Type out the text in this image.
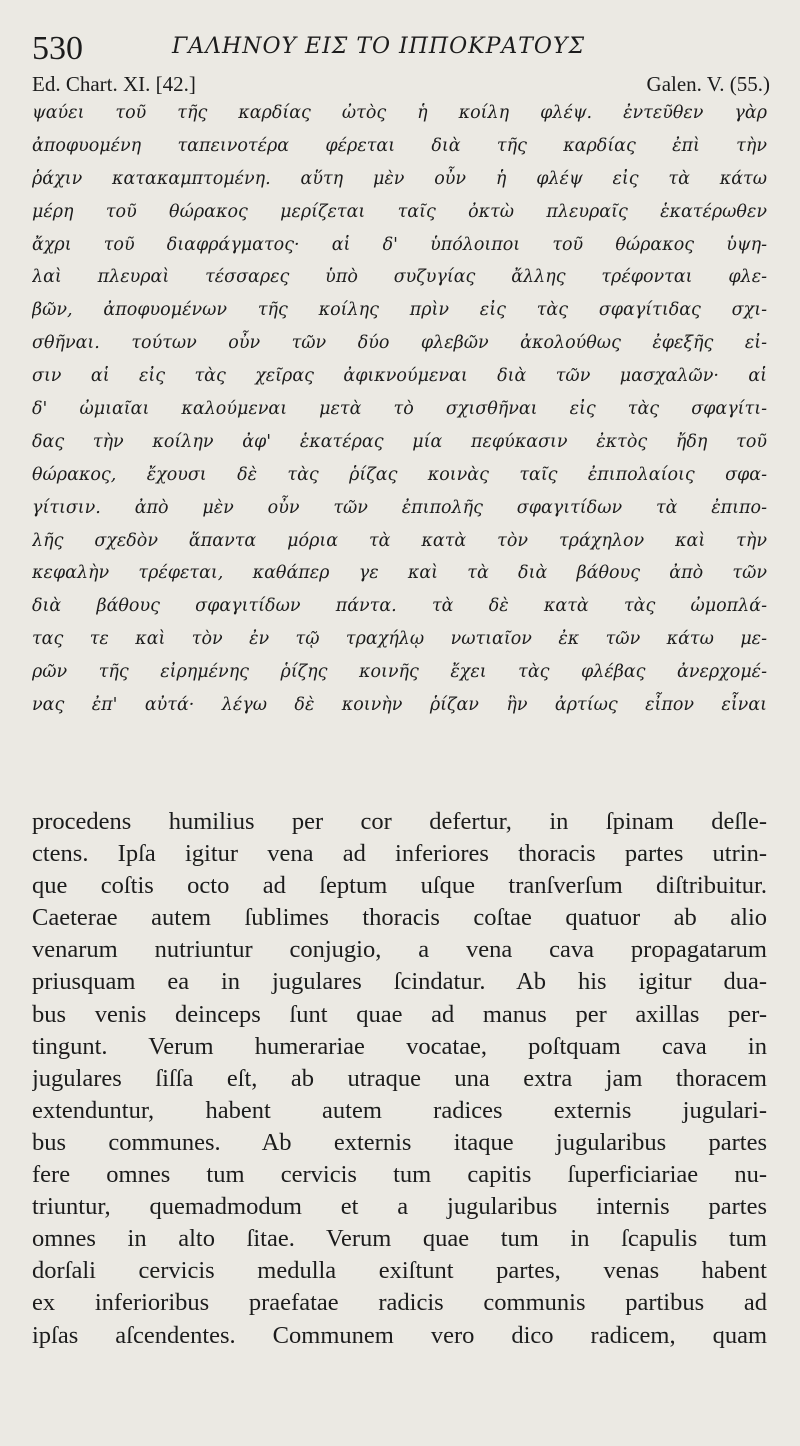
530	ΓΑΛΗΝΟΥ ΕΙΣ ΤΟ ΙΠΠΟΚΡΑΤΟΥΣ
Ed. Chart. XI. [42.]	Galen. V. (55.)
ψαύει τοῦ τῆς καρδίας ὠτὸς ἡ κοίλη φλέψ. ἐντεῦθεν γὰρ
ἀποφυομένη ταπεινοτέρα φέρεται διὰ τῆς καρδίας ἐπὶ τὴν
ῥάχιν κατακαμπτομένη. αὕτη μὲν οὖν ἡ φλέψ εἰς τὰ κάτω
μέρη τοῦ θώρακος μερίζεται ταῖς ὀκτὼ πλευραῖς ἑκατέρωθεν
ἄχρι τοῦ διαφράγματος· αἱ δ' ὑπόλοιποι τοῦ θώρακος ὑψη-
λαὶ πλευραὶ τέσσαρες ὑπὸ συζυγίας ἄλλης τρέφονται φλε-
βῶν, ἀποφυομένων τῆς κοίλης πρὶν εἰς τὰς σφαγίτιδας σχι-
σθῆναι. τούτων οὖν τῶν δύο φλεβῶν ἀκολούθως ἐφεξῆς εἰ-
σιν αἱ εἰς τὰς χεῖρας ἀφικνούμεναι διὰ τῶν μασχαλῶν· αἱ
δ' ὠμιαῖαι καλούμεναι μετὰ τὸ σχισθῆναι εἰς τὰς σφαγίτι-
δας τὴν κοίλην ἀφ' ἑκατέρας μία πεφύκασιν ἐκτὸς ἤδη τοῦ
θώρακος, ἔχουσι δὲ τὰς ῥίζας κοινὰς ταῖς ἐπιπολαίοις σφα-
γίτισιν. ἀπὸ μὲν οὖν τῶν ἐπιπολῆς σφαγιτίδων τὰ ἐπιπο-
λῆς σχεδὸν ἅπαντα μόρια τὰ κατὰ τὸν τράχηλον καὶ τὴν
κεφαλὴν τρέφεται, καθάπερ γε καὶ τὰ διὰ βάθους ἀπὸ τῶν
διὰ βάθους σφαγιτίδων πάντα. τὰ δὲ κατὰ τὰς ὠμοπλά-
τας τε καὶ τὸν ἐν τῷ τραχήλῳ νωτιαῖον ἐκ τῶν κάτω με-
ρῶν τῆς εἰρημένης ῥίζης κοινῆς ἔχει τὰς φλέβας ἀνερχομέ-
νας ἐπ' αὐτά· λέγω δὲ κοινὴν ῥίζαν ἣν ἀρτίως εἶπον εἶναι
procedens humilius per cor defertur, in ſpinam deſle-
ctens. Ipſa igitur vena ad inferiores thoracis partes utrin-
que coſtis octo ad ſeptum uſque tranſverſum diſtribuitur.
Caeterae autem ſublimes thoracis coſtae quatuor ab alio
venarum nutriuntur conjugio, a vena cava propagatarum
priusquam ea in jugulares ſcindatur. Ab his igitur dua-
bus venis deinceps ſunt quae ad manus per axillas per-
tingunt. Verum humerariae vocatae, poſtquam cava in
jugulares ſiſſa eſt, ab utraque una extra jam thoracem
extenduntur, habent autem radices externis jugulari-
bus communes. Ab externis itaque jugularibus partes
fere omnes tum cervicis tum capitis ſuperficiariae nu-
triuntur, quemadmodum et a jugularibus internis partes
omnes in alto ſitae. Verum quae tum in ſcapulis tum
dorſali cervicis medulla exiſtunt partes, venas habent
ex inferioribus praefatae radicis communis partibus ad
ipſas aſcendentes. Communem vero dico radicem, quam
